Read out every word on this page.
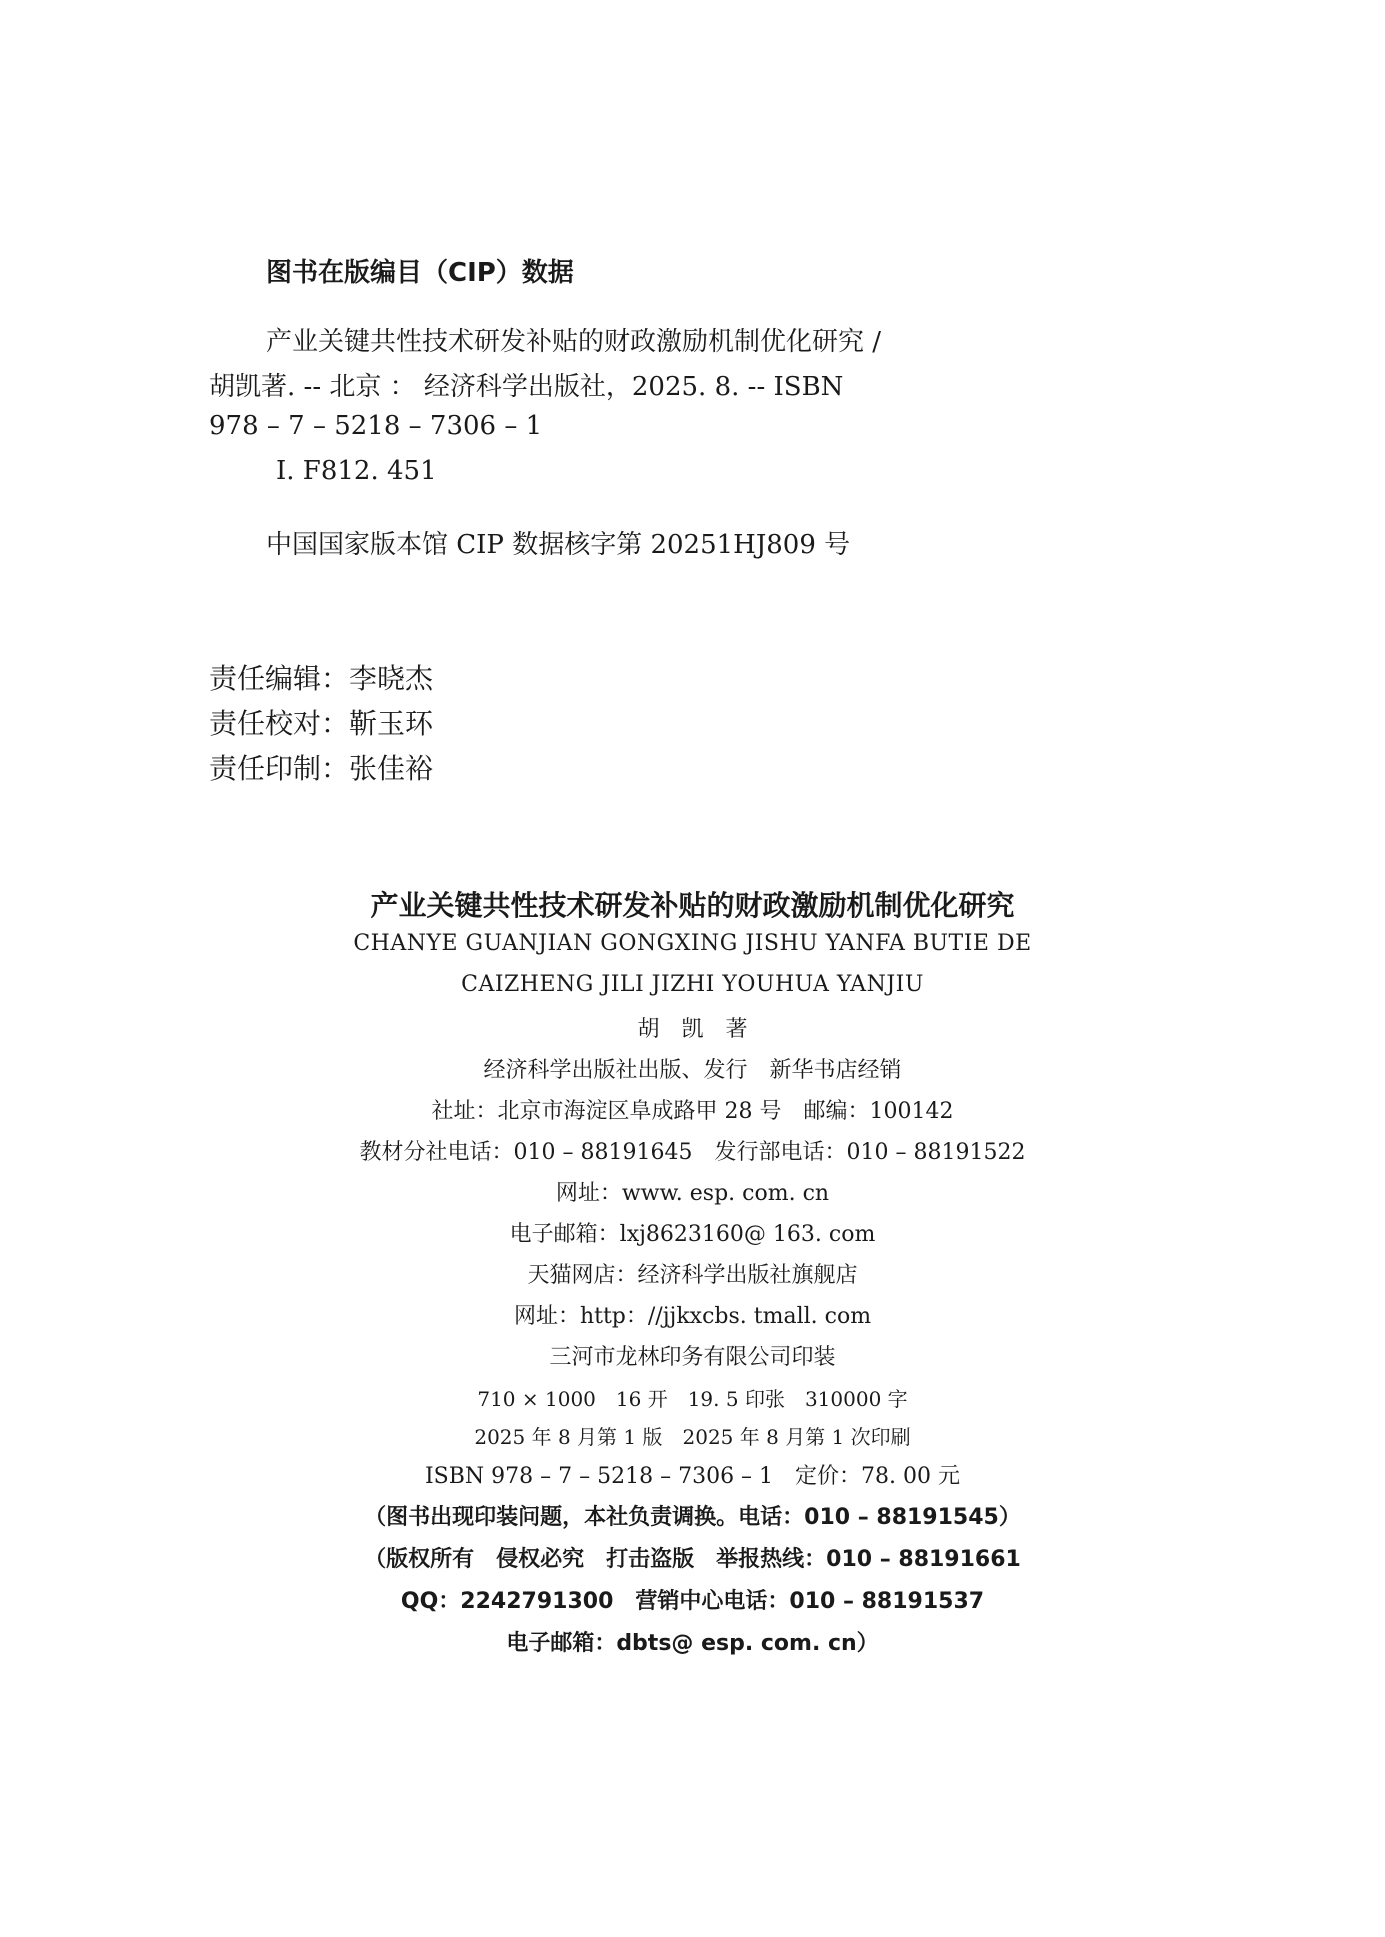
图书在版编目（CIP）数据
产业关键共性技术研发补贴的财政激励机制优化研究 /
胡凯著. -- 北京 ： 经济科学出版社，2025. 8. -- ISBN
978 – 7 – 5218 – 7306 – 1
Ⅰ. F812. 451
中国国家版本馆 CIP 数据核字第 20251HJ809 号
责任编辑：李晓杰
责任校对：靳玉环
责任印制：张佳裕
产业关键共性技术研发补贴的财政激励机制优化研究
CHANYE GUANJIAN GONGXING JISHU YANFA BUTIE DE
CAIZHENG JILI JIZHI YOUHUA YANJIU
胡　凯　著
经济科学出版社出版、发行　新华书店经销
社址：北京市海淀区阜成路甲 28 号　邮编：100142
教材分社电话：010 – 88191645　发行部电话：010 – 88191522
网址：www. esp. com. cn
电子邮箱：lxj8623160@ 163. com
天猫网店：经济科学出版社旗舰店
网址：http：//jjkxcbs. tmall. com
三河市龙林印务有限公司印装
710 × 1000　16 开　19. 5 印张　310000 字
2025 年 8 月第 1 版　2025 年 8 月第 1 次印刷
ISBN 978 – 7 – 5218 – 7306 – 1　定价：78. 00 元
（图书出现印装问题，本社负责调换。电话：010 – 88191545）
（版权所有　侵权必究　打击盗版　举报热线：010 – 88191661
QQ：2242791300　营销中心电话：010 – 88191537
电子邮箱：dbts@ esp. com. cn）
